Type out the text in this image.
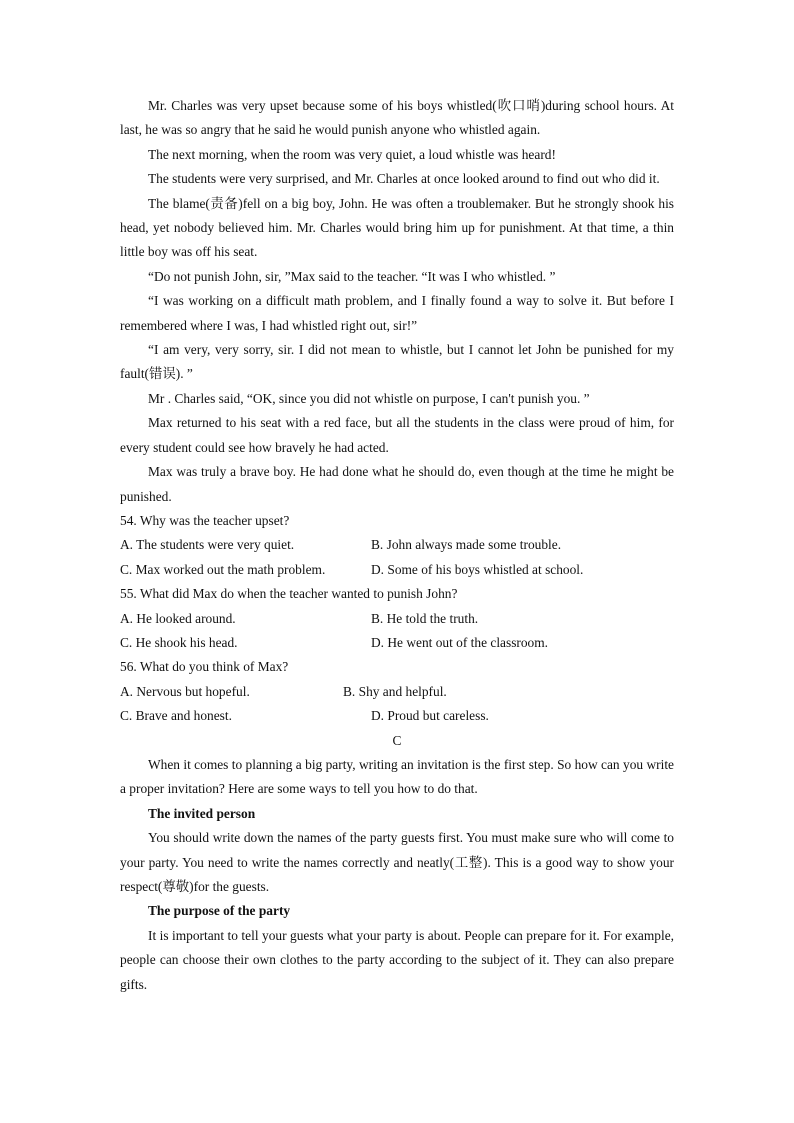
Mr. Charles was very upset because some of his boys whistled(吹口哨)during school hours. At last, he was so angry that he said he would punish anyone who whistled again.

The next morning, when the room was very quiet, a loud whistle was heard!

The students were very surprised, and Mr. Charles at once looked around to find out who did it.

The blame(责备)fell on a big boy, John. He was often a troublemaker. But he strongly shook his head, yet nobody believed him. Mr. Charles would bring him up for punishment. At that time, a thin little boy was off his seat.

“Do not punish John, sir, ”Max said to the teacher. “It was I who whistled. ”

“I was working on a difficult math problem, and I finally found a way to solve it. But before I remembered where I was, I had whistled right out, sir!”

“I am very, very sorry, sir. I did not mean to whistle, but I cannot let John be punished for my fault(错误). ”

Mr . Charles said, “OK, since you did not whistle on purpose, I can't punish you. ”

Max returned to his seat with a red face, but all the students in the class were proud of him, for every student could see how bravely he had acted.

Max was truly a brave boy. He had done what he should do, even though at the time he might be punished.

54. Why was the teacher upset?

A. The students were very quiet.	B. John always made some trouble.
C. Max worked out the math problem.	D. Some of his boys whistled at school.

55. What did Max do when the teacher wanted to punish John?

A. He looked around.	B. He told the truth.
C. He shook his head.	D. He went out of the classroom.

56. What do you think of Max?

A. Nervous but hopeful.	B. Shy and helpful.
C. Brave and honest.	D. Proud but careless.

C

When it comes to planning a big party, writing an invitation is the first step. So how can you write a proper invitation? Here are some ways to tell you how to do that.

The invited person

You should write down the names of the party guests first. You must make sure who will come to your party. You need to write the names correctly and neatly(工整). This is a good way to show your respect(尊敬)for the guests.

The purpose of the party

It is important to tell your guests what your party is about. People can prepare for it. For example, people can choose their own clothes to the party according to the subject of it. They can also prepare gifts.
